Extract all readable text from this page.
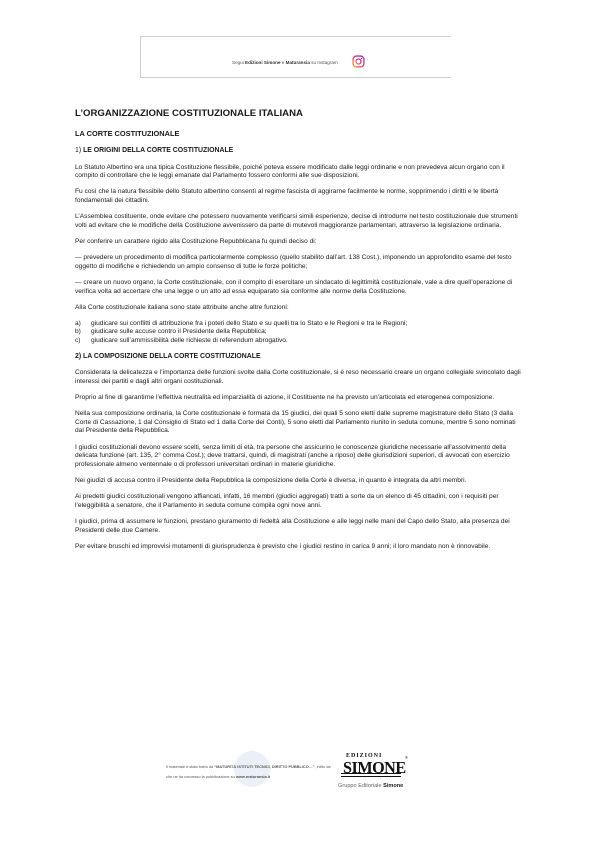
Segui Edizioni Simone e Maturansia su Instagram
L’ORGANIZZAZIONE COSTITUZIONALE ITALIANA
LA CORTE COSTITUZIONALE
1) LE ORIGINI DELLA CORTE COSTITUZIONALE

Lo Statuto Albertino era una tipica Costituzione flessibile, poiché poteva essere modificato dalle leggi ordinarie e non prevedeva alcun organo con il compito di controllare che le leggi emanate dal Parlamento fossero conformi alle sue disposizioni.

Fu così che la natura flessibile dello Statuto albertino consentì al regime fascista di aggirarne facilmente le norme, sopprimendo i diritti e le libertà fondamentali dei cittadini.

L’Assemblea costituente, onde evitare che potessero nuovamente verificarsi simili esperienze, decise di introdurre nel testo costituzionale due strumenti volti ad evitare che le modifiche della Costituzione avvenissero da parte di mutevoli maggioranze parlamentari, attraverso la legislazione ordinaria.

Per conferire un carattere rigido alla Costituzione Repubblicana fu quindi deciso di:

— prevedere un procedimento di modifica particolarmente complesso (quello stabilito dall’art. 138 Cost.), imponendo un approfondito esame del testo oggetto di modifiche e richiedendo un ampio consenso di tutte le forze politiche;

— creare un nuovo organo, la Corte costituzionale, con il compito di esercitare un sindacato di legittimità costituzionale, vale a dire quell’operazione di verifica volta ad accertare che una legge o un atto ad essa equiparato sia conforme alle norme della Costituzione.

Alla Corte costituzionale italiana sono state attribuite anche altre funzioni:

a)	giudicare sui conflitti di attribuzione fra i poteri dello Stato e su quelli tra lo Stato e le Regioni e tra le Regioni;
b)	giudicare sulle accuse contro il Presidente della Repubblica;
c)	giudicare sull’ammissibilità delle richieste di referendum abrogativo.
2) LA COMPOSIZIONE DELLA CORTE COSTITUZIONALE

Considerata la delicatezza e l’importanza delle funzioni svolte dalla Corte costituzionale, si è reso necessario creare un organo collegiale svincolato dagli interessi dei partiti e dagli altri organi costituzionali.

Proprio al fine di garantirne l’effettiva neutralità ed imparzialità di azione, il Costituente ne ha previsto un’articolata ed eterogenea composizione.

Nella sua composizione ordinaria, la Corte costituzionale è formata da 15 giudici, dei quali 5 sono eletti dalle supreme magistrature dello Stato (3 dalla Corte di Cassazione, 1 dal Consiglio di Stato ed 1 dalla Corte dei Conti), 5 sono eletti dal Parlamento riunito in seduta comune, mentre 5 sono nominati dal Presidente della Repubblica.

I giudici costituzionali devono essere scelti, senza limiti di età, tra persone che assicurino le conoscenze giuridiche necessarie all’assolvimento della delicata funzione (art. 135, 2° comma Cost.); deve trattarsi, quindi, di magistrati (anche a riposo) delle giurisdizioni superiori, di avvocati con esercizio professionale almeno ventennale o di professori universitari ordinari in materie giuridiche.

Nei giudizi di accusa contro il Presidente della Repubblica la composizione della Corte è diversa, in quanto è integrata da altri membri.

Ai predetti giudici costituzionali vengono affiancati, infatti, 16 membri (giudici aggregati) tratti a sorte da un elenco di 45 cittadini, con i requisiti per l’eleggibilità a senatore, che il Parlamento in seduta comune compila ogni nove anni.

I giudici, prima di assumere le funzioni, prestano giuramento di fedeltà alla Costituzione e alle leggi nelle mani del Capo dello Stato, alla presenza dei Presidenti delle due Camere.

Per evitare bruschi ed improvvisi mutamenti di giurisprudenza è previsto che i giudici restino in carica 9 anni; il loro mandato non è rinnovabile.

Il materiale è stato tratto da “MATURITÀ ISTITUTI TECNICI, DIRITTO PUBBLICO…”, edito da
che ne ha concesso la pubblicazione su www.maturansia.it
EDIZIONI
SIMONE
®
Gruppo Editoriale Simone
